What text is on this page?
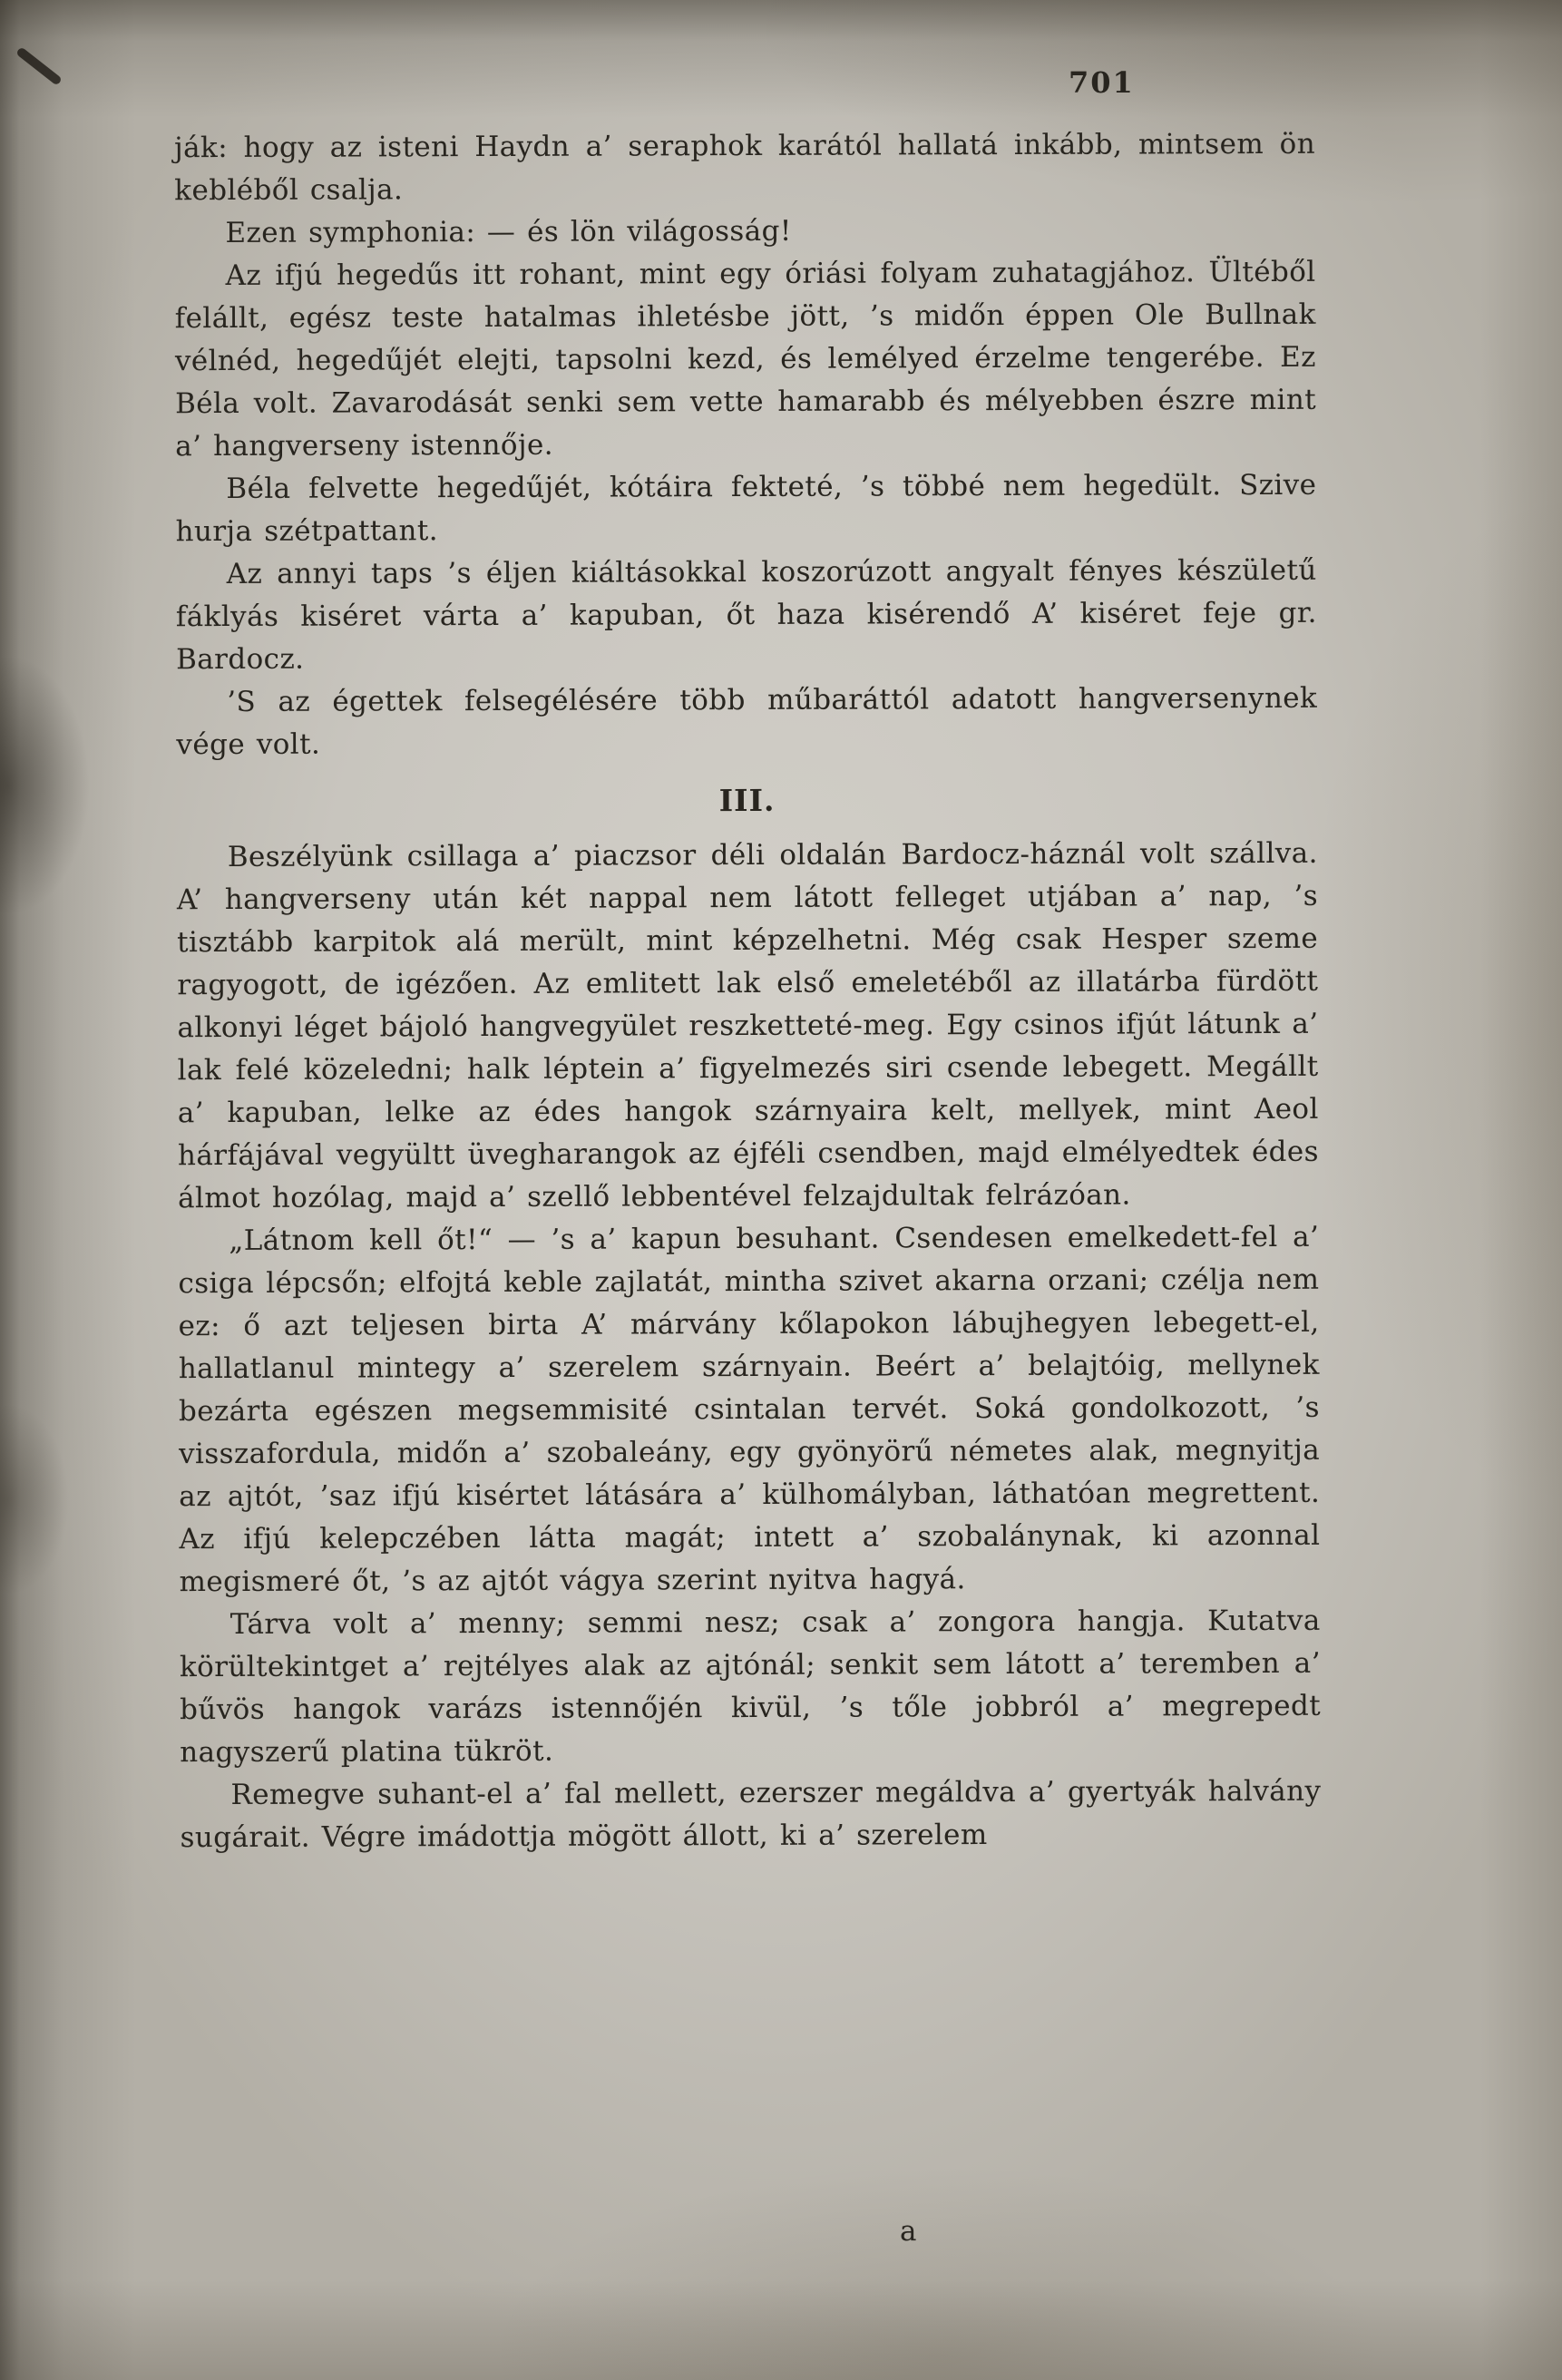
701

ják: hogy az isteni Haydn a’ seraphok karától hallatá inkább, mintsem ön kebléből csalja.

Ezen symphonia: — és lön világosság!

Az ifjú hegedűs itt rohant, mint egy óriási folyam zuhatagjához. Ültéből felállt, egész teste hatalmas ihletésbe jött, ’s midőn éppen Ole Bullnak vélnéd, hegedűjét elejti, tapsolni kezd, és lemélyed érzelme tengerébe. Ez Béla volt. Zavarodását senki sem vette hamarabb és mélyebben észre mint a’ hangverseny istennője.

Béla felvette hegedűjét, kótáira fekteté, ’s többé nem hegedült. Szive hurja szétpattant.

Az annyi taps ’s éljen kiáltásokkal koszorúzott angyalt fényes készületű fáklyás kiséret várta a’ kapuban, őt haza kisérendő A’ kiséret feje gr. Bardocz.

’S az égettek felsegélésére több műbaráttól adatott hangversenynek vége volt.

III.

Beszélyünk csillaga a’ piaczsor déli oldalán Bardocz-háznál volt szállva. A’ hangverseny után két nappal nem látott felleget utjában a’ nap, ’s tisztább karpitok alá merült, mint képzelhetni. Még csak Hesper szeme ragyogott, de igézően. Az emlitett lak első emeletéből az illatárba fürdött alkonyi léget bájoló hangvegyület reszketteté-meg. Egy csinos ifjút látunk a’ lak felé közeledni; halk léptein a’ figyelmezés siri csende lebegett. Megállt a’ kapuban, lelke az édes hangok szárnyaira kelt, mellyek, mint Aeol hárfájával vegyültt üvegharangok az éjféli csendben, majd elmélyedtek édes álmot hozólag, majd a’ szellő lebbentével felzajdultak felrázóan.

„Látnom kell őt!“ — ’s a’ kapun besuhant. Csendesen emelkedett-fel a’ csiga lépcsőn; elfojtá keble zajlatát, mintha szivet akarna orzani; czélja nem ez: ő azt teljesen birta A’ márvány kőlapokon lábujhegyen lebegett-el, hallatlanul mintegy a’ szerelem szárnyain. Beért a’ belajtóig, mellynek bezárta egészen megsemmisité csintalan tervét. Soká gondolkozott, ’s visszafordula, midőn a’ szobaleány, egy gyönyörű németes alak, megnyitja az ajtót, ’saz ifjú kisértet látására a’ külhomályban, láthatóan megrettent. Az ifjú kelepczében látta magát; intett a’ szobalánynak, ki azonnal megismeré őt, ’s az ajtót vágya szerint nyitva hagyá.

Tárva volt a’ menny; semmi nesz; csak a’ zongora hangja. Kutatva körültekintget a’ rejtélyes alak az ajtónál; senkit sem látott a’ teremben a’ bűvös hangok varázs istennőjén kivül, ’s tőle jobbról a’ megrepedt nagyszerű platina tükröt.

Remegve suhant-el a’ fal mellett, ezerszer megáldva a’ gyertyák halvány sugárait. Végre imádottja mögött állott, ki a’ szerelem

a
